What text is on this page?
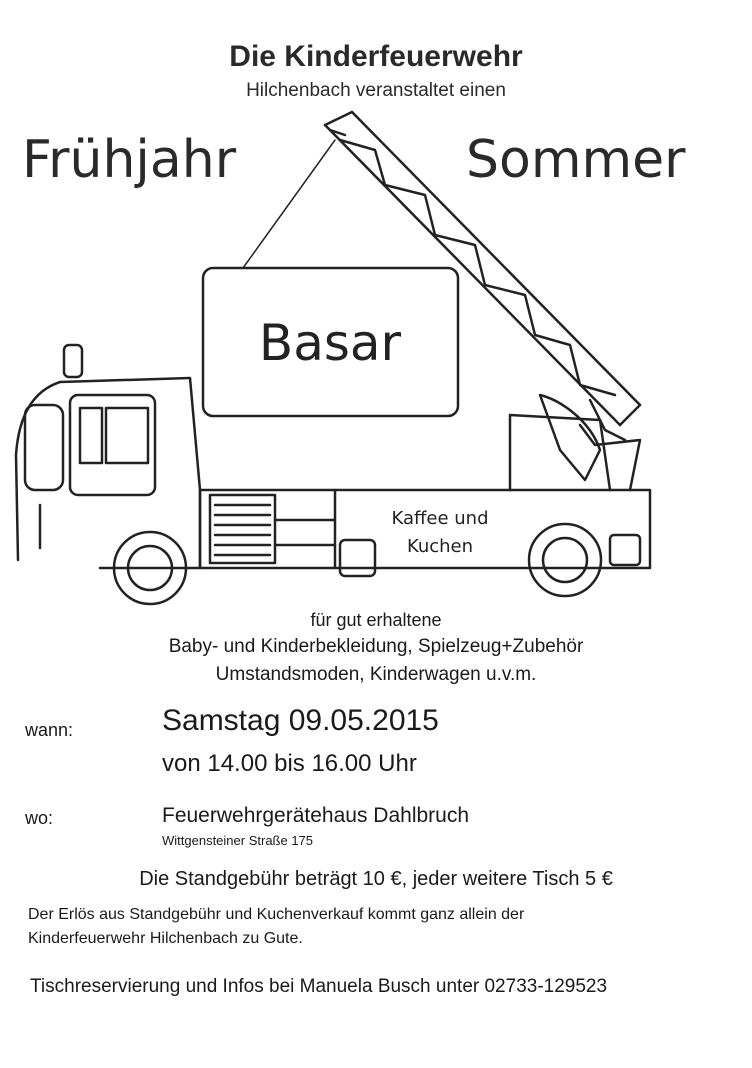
Die Kinderfeuerwehr
Hilchenbach veranstaltet einen
Basar
Kaffee und
Kuchen
Frühjahr	Sommer
für gut erhaltene
Baby- und Kinderbekleidung, Spielzeug+Zubehör
Umstandsmoden, Kinderwagen u.v.m.
wann:	Samstag 09.05.2015
von 14.00 bis 16.00 Uhr
wo:	Feuerwehrgerätehaus Dahlbruch
Wittgensteiner Straße 175
Die Standgebühr beträgt 10 €, jeder weitere Tisch 5 €
Der Erlös aus Standgebühr und Kuchenverkauf kommt ganz allein der
Kinderfeuerwehr Hilchenbach zu Gute.
Tischreservierung und Infos bei Manuela Busch unter 02733-129523
